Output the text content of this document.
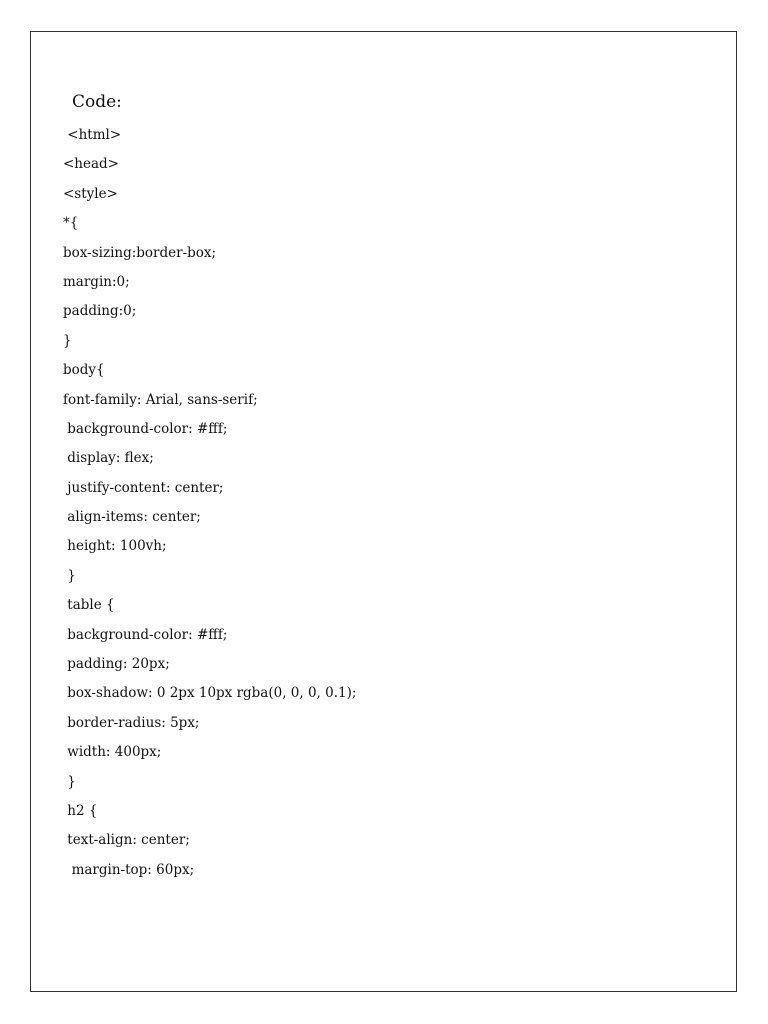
Code:
<html>
<head>
<style>
*{
box-sizing:border-box;
margin:0;
padding:0;
}
body{
font-family: Arial, sans-serif;
background-color: #fff;
display: flex;
justify-content: center;
align-items: center;
height: 100vh;
}
table {
background-color: #fff;
padding: 20px;
box-shadow: 0 2px 10px rgba(0, 0, 0, 0.1);
border-radius: 5px;
width: 400px;
}
h2 {
text-align: center;
margin-top: 60px;
